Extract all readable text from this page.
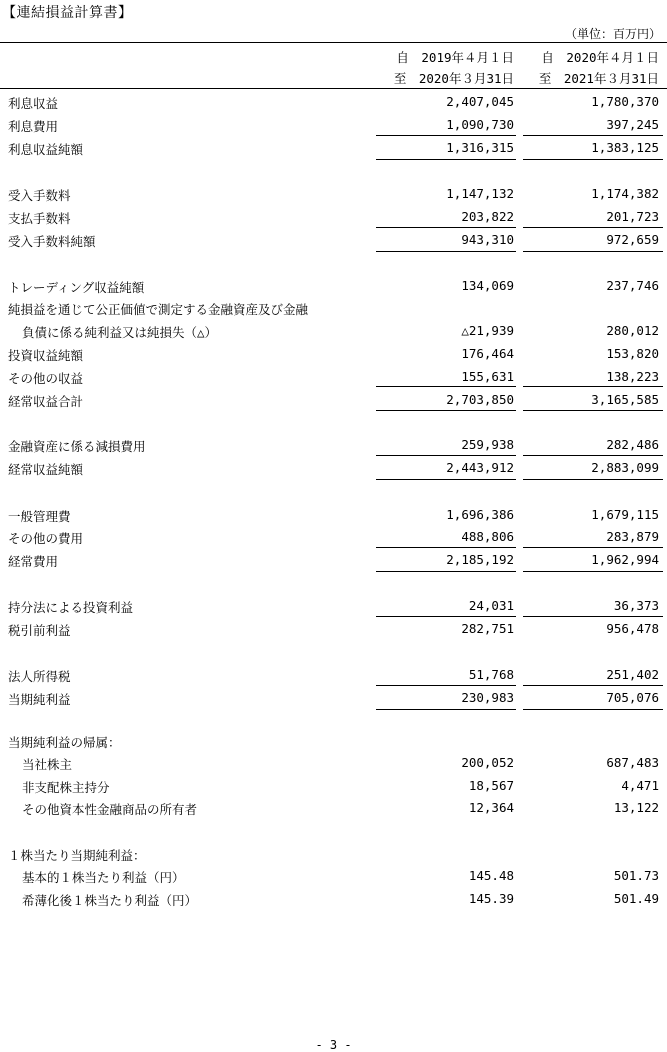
【連結損益計算書】
（単位：百万円）
自　2019年４月１日
至　2020年３月31日
自　2020年４月１日
至　2021年３月31日
利息収益	2,407,045	1,780,370
利息費用	1,090,730	397,245
利息収益純額	1,316,315	1,383,125
受入手数料	1,147,132	1,174,382
支払手数料	203,822	201,723
受入手数料純額	943,310	972,659
トレーディング収益純額	134,069	237,746
純損益を通じて公正価値で測定する金融資産及び金融
負債に係る純利益又は純損失（△）	△21,939	280,012
投資収益純額	176,464	153,820
その他の収益	155,631	138,223
経常収益合計	2,703,850	3,165,585
金融資産に係る減損費用	259,938	282,486
経常収益純額	2,443,912	2,883,099
一般管理費	1,696,386	1,679,115
その他の費用	488,806	283,879
経常費用	2,185,192	1,962,994
持分法による投資利益	24,031	36,373
税引前利益	282,751	956,478
法人所得税	51,768	251,402
当期純利益	230,983	705,076
当期純利益の帰属：
当社株主	200,052	687,483
非支配株主持分	18,567	4,471
その他資本性金融商品の所有者	12,364	13,122
１株当たり当期純利益：
基本的１株当たり利益（円）	145.48	501.73
希薄化後１株当たり利益（円）	145.39	501.49
- 3 -
